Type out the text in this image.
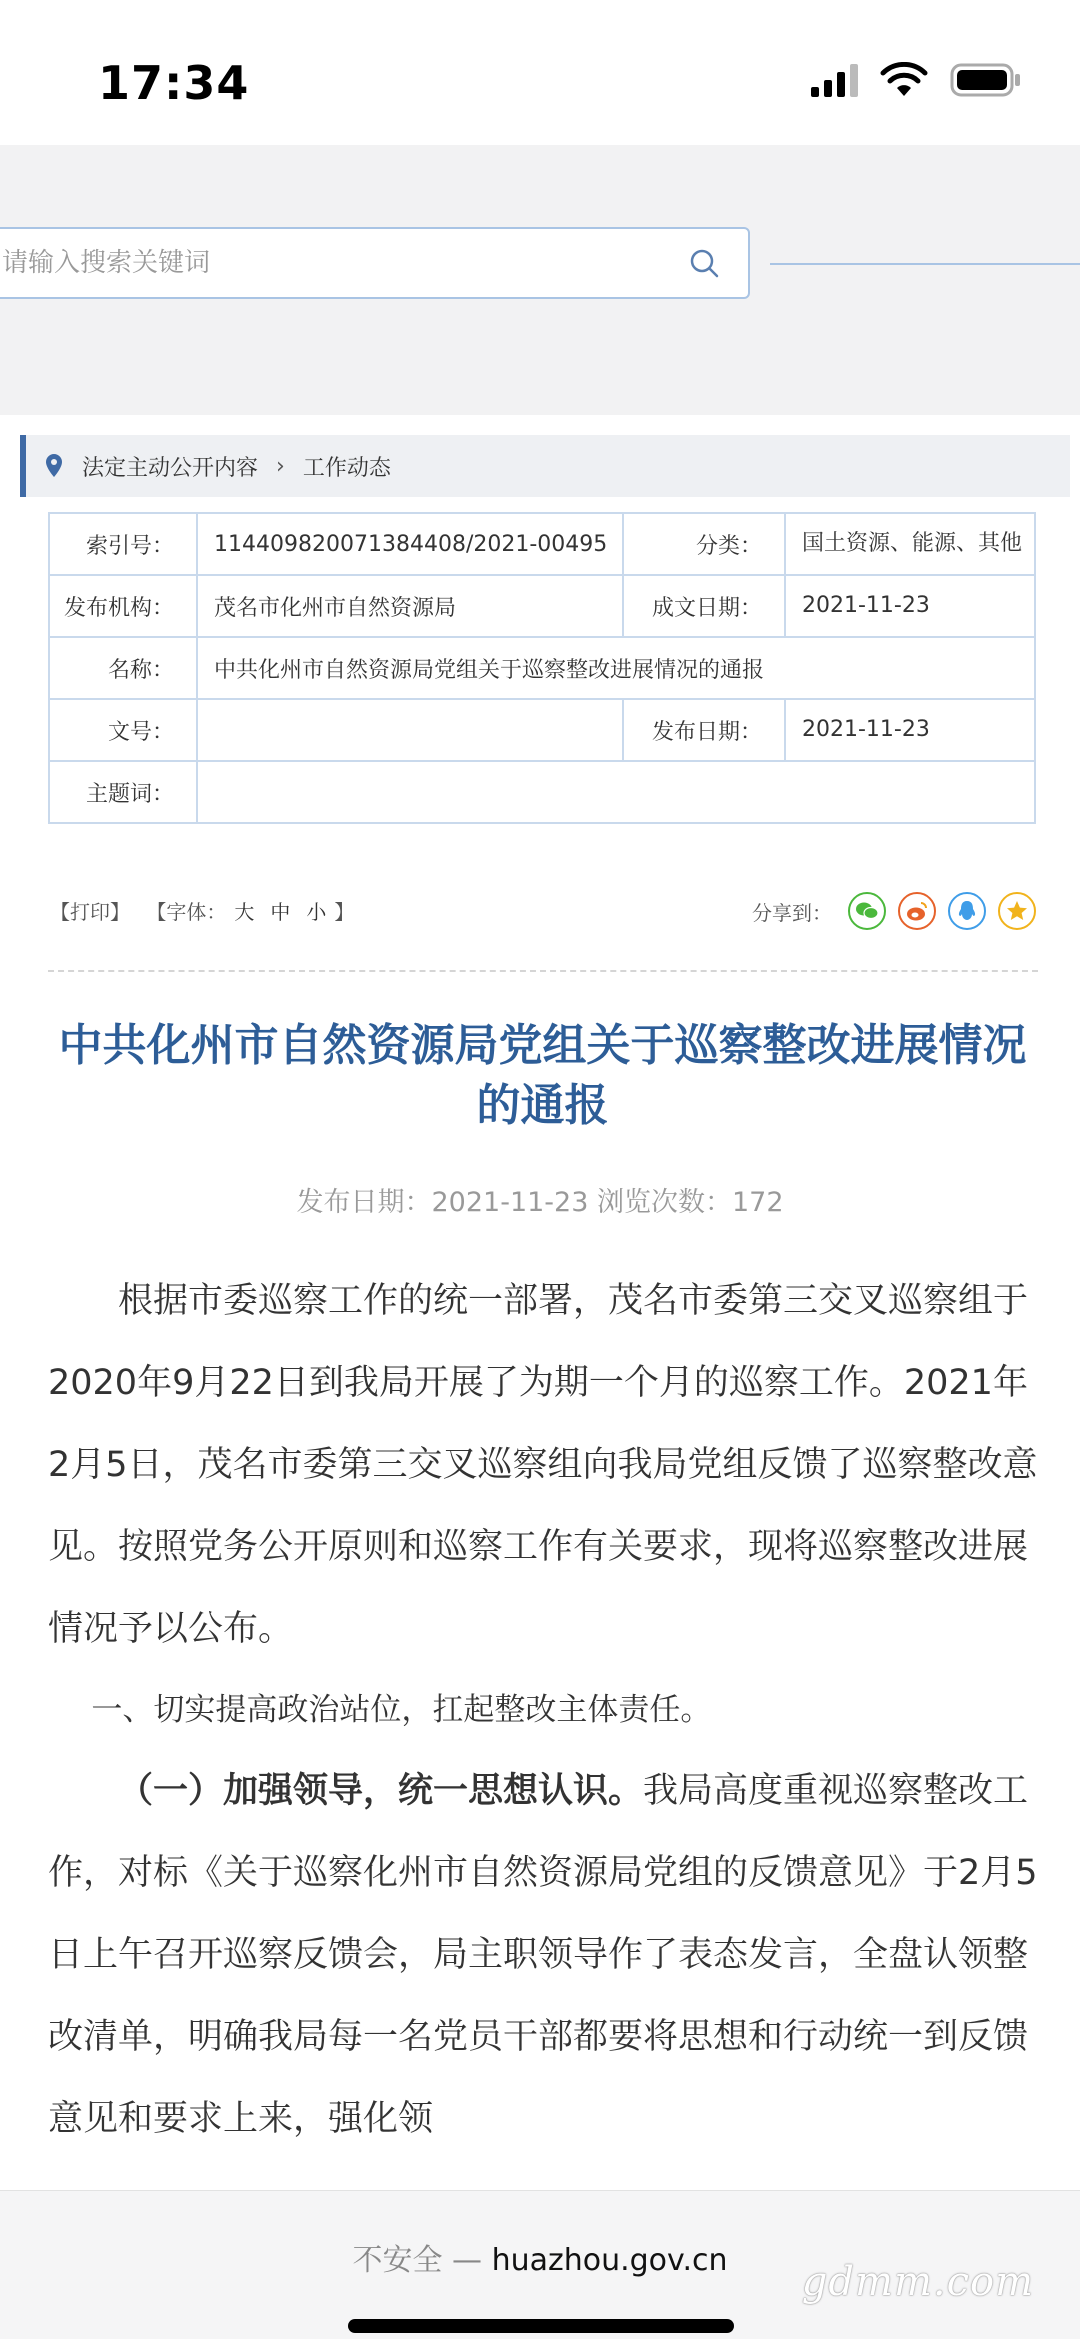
17:34
请输入搜索关键词
法定主动公开内容 › 工作动态
索引号：	114409820071384408/2021-00495	分类：	国土资源、能源、其他
发布机构：	茂名市化州市自然资源局	成文日期：	2021-11-23
名称：	中共化州市自然资源局党组关于巡察整改进展情况的通报		
文号：		发布日期：	2021-11-23
主题词：			
【打印】 【字体： 大 中 小 】	分享到：
中共化州市自然资源局党组关于巡察整改进展情况的通报
发布日期：2021-11-23 浏览次数：172

根据市委巡察工作的统一部署，茂名市委第三交叉巡察组于2020年9月22日到我局开展了为期一个月的巡察工作。2021年2月5日，茂名市委第三交叉巡察组向我局党组反馈了巡察整改意见。按照党务公开原则和巡察工作有关要求，现将巡察整改进展情况予以公布。

一、切实提高政治站位，扛起整改主体责任。

（一）加强领导，统一思想认识。我局高度重视巡察整改工作，对标《关于巡察化州市自然资源局党组的反馈意见》于2月5日上午召开巡察反馈会，局主职领导作了表态发言，全盘认领整改清单，明确我局每一名党员干部都要将思想和行动统一到反馈意见和要求上来，强化领

不安全 — huazhou.gov.cn	gdmm.com
